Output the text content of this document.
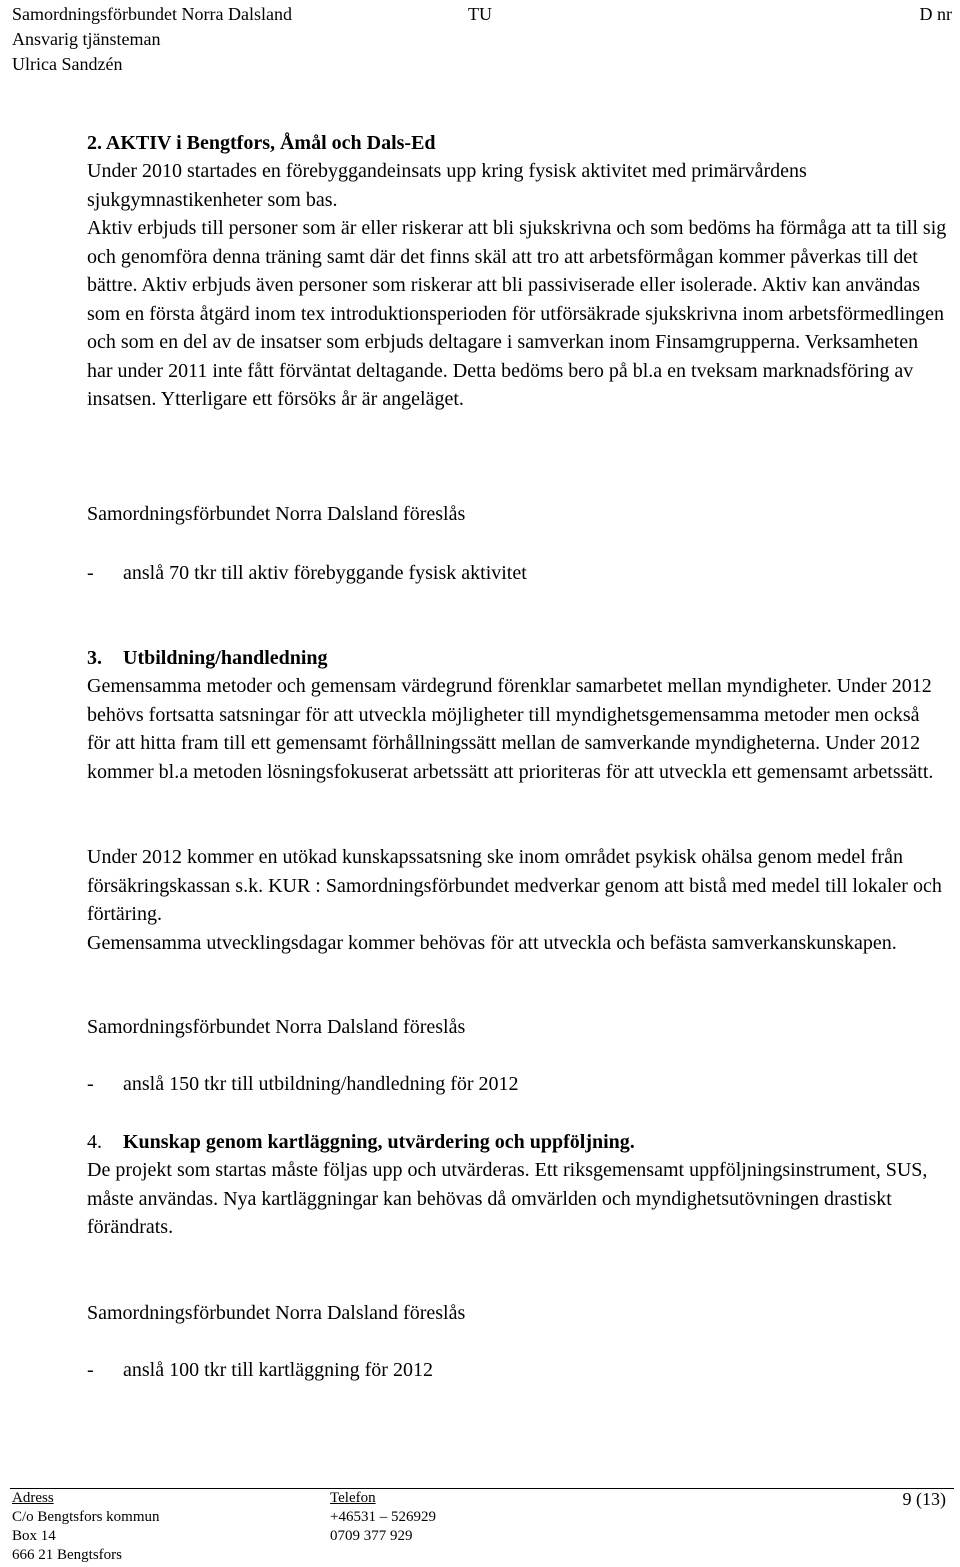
Samordningsförbundet Norra Dalsland
Ansvarig tjänsteman
Ulrica Sandzén
TU	D nr

2. AKTIV i Bengtfors, Åmål och Dals-Ed

Under 2010 startades en förebyggandeinsats upp kring fysisk aktivitet med primärvårdens sjukgymnastikenheter som bas.

Aktiv erbjuds till personer som är eller riskerar att bli sjukskrivna och som bedöms ha förmåga att ta till sig och genomföra denna träning samt där det finns skäl att tro att arbetsförmågan kommer påverkas till det bättre. Aktiv erbjuds även personer som riskerar att bli passiviserade eller isolerade. Aktiv kan användas som en första åtgärd inom tex introduktionsperioden för utförsäkrade sjukskrivna inom arbetsförmedlingen och som en del av de insatser som erbjuds deltagare i samverkan inom Finsamgrupperna. Verksamheten har under 2011 inte fått förväntat deltagande. Detta bedöms bero på bl.a en tveksam marknadsföring av insatsen. Ytterligare ett försöks år är angeläget.

Samordningsförbundet Norra Dalsland föreslås

- anslå 70 tkr till aktiv förebyggande fysisk aktivitet
3. Utbildning/handledning

Gemensamma metoder och gemensam värdegrund förenklar samarbetet mellan myndigheter. Under 2012 behövs fortsatta satsningar för att utveckla möjligheter till myndighetsgemensamma metoder men också för att hitta fram till ett gemensamt förhållningssätt mellan de samverkande myndigheterna. Under 2012 kommer bl.a metoden lösningsfokuserat arbetssätt att prioriteras för att utveckla ett gemensamt arbetssätt.

Under 2012 kommer en utökad kunskapssatsning ske inom området psykisk ohälsa genom medel från försäkringskassan s.k. KUR : Samordningsförbundet medverkar genom att bistå med medel till lokaler och förtäring.

Gemensamma utvecklingsdagar kommer behövas för att utveckla och befästa samverkanskunskapen.

Samordningsförbundet Norra Dalsland föreslås

- anslå 150 tkr till utbildning/handledning för 2012
4. Kunskap genom kartläggning, utvärdering och uppföljning.

De projekt som startas måste följas upp och utvärderas. Ett riksgemensamt uppföljningsinstrument, SUS, måste användas. Nya kartläggningar kan behövas då omvärlden och myndighetsutövningen drastiskt förändrats.

Samordningsförbundet Norra Dalsland föreslås

- anslå 100 tkr till kartläggning för 2012
Adress
C/o Bengtsfors kommun
Box 14
666 21 Bengtsfors
Telefon
+46531 – 526929
0709 377 929
9 (13)
